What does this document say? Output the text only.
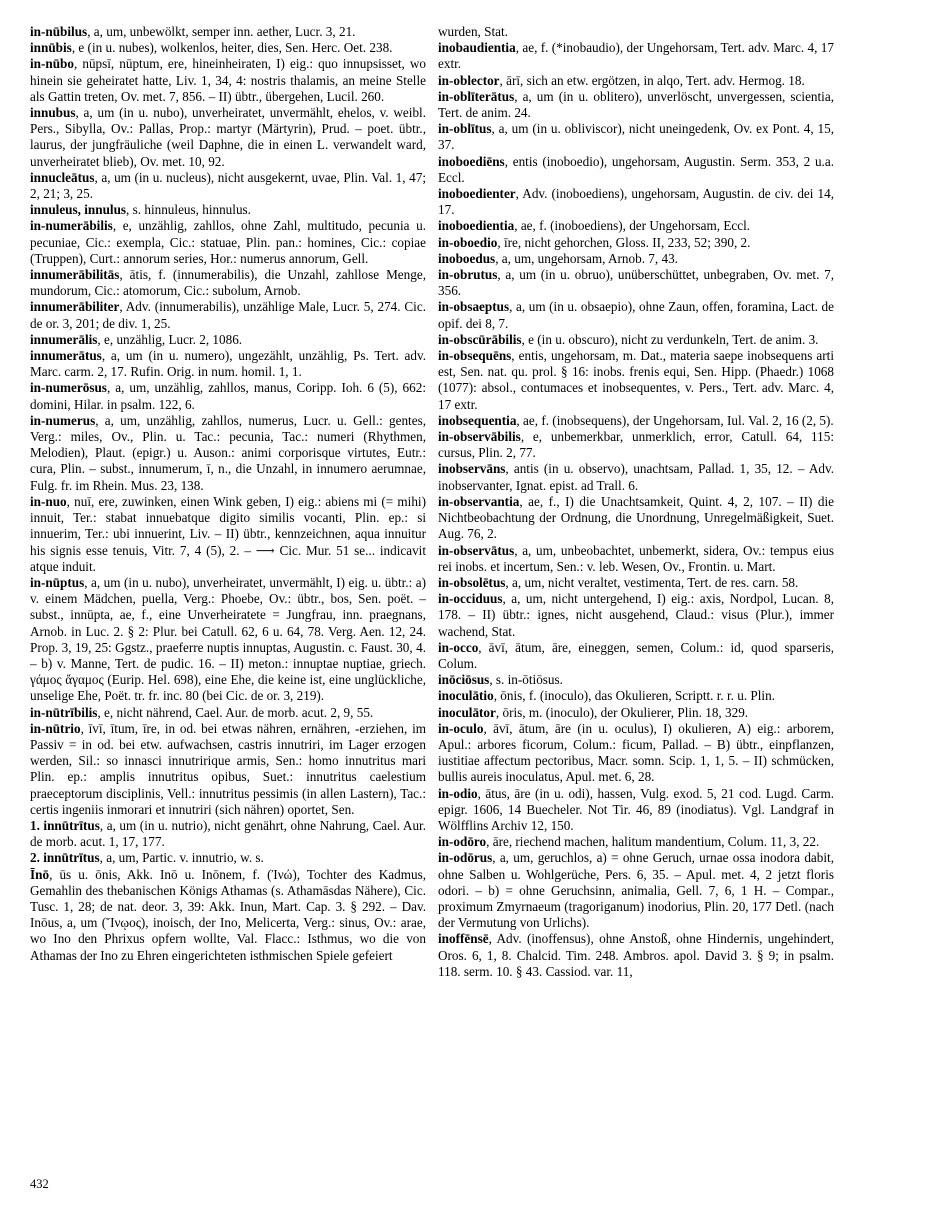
in-nūbilus, a, um, unbewölkt, semper inn. aether, Lucr. 3, 21.

innūbis, e (in u. nubes), wolkenlos, heiter, dies, Sen. Herc. Oet. 238.

in-nūbo, nūpsī, nūptum, ere, hineinheiraten, I) eig.: quo innupsisset, wo hinein sie geheiratet hatte, Liv. 1, 34, 4: nostris thalamis, an meine Stelle als Gattin treten, Ov. met. 7, 856. – II) übtr., übergehen, Lucil. 260.

innubus, a, um (in u. nubo), unverheiratet, unvermählt, ehelos, v. weibl. Pers., Sibylla, Ov.: Pallas, Prop.: martyr (Märtyrin), Prud. – poet. übtr., laurus, der jungfräuliche (weil Daphne, die in einen L. verwandelt ward, unverheiratet blieb), Ov. met. 10, 92.

innucleātus, a, um (in u. nucleus), nicht ausgekernt, uvae, Plin. Val. 1, 47; 2, 21; 3, 25.

innuleus, innulus, s. hinnuleus, hinnulus.

in-numerābilis, e, unzählig, zahllos, ohne Zahl, multitudo, pecunia u. pecuniae, Cic.: exempla, Cic.: statuae, Plin. pan.: homines, Cic.: copiae (Truppen), Curt.: annorum series, Hor.: numerus annorum, Gell.

innumerābilitās, ātis, f. (innumerabilis), die Unzahl, zahllose Menge, mundorum, Cic.: atomorum, Cic.: subolum, Arnob.

innumerābiliter, Adv. (innumerabilis), unzählige Male, Lucr. 5, 274. Cic. de or. 3, 201; de div. 1, 25.

innumerālis, e, unzählig, Lucr. 2, 1086.

innumerātus, a, um (in u. numero), ungezählt, unzählig, Ps. Tert. adv. Marc. carm. 2, 17. Rufin. Orig. in num. homil. 1, 1.

in-numerōsus, a, um, unzählig, zahllos, manus, Coripp. Ioh. 6 (5), 662: domini, Hilar. in psalm. 122, 6.

in-numerus, a, um, unzählig, zahllos, numerus, Lucr. u. Gell.: gentes, Verg.: miles, Ov., Plin. u. Tac.: pecunia, Tac.: numeri (Rhythmen, Melodien), Plaut. (epigr.) u. Auson.: animi corporisque virtutes, Eutr.: cura, Plin. – subst., innumerum, ī, n., die Unzahl, in innumero aerumnae, Fulg. fr. im Rhein. Mus. 23, 138.

in-nuo, nuī, ere, zuwinken, einen Wink geben, I) eig.: abiens mi (= mihi) innuit, Ter.: stabat innuebatque digito similis vocanti, Plin. ep.: si innuerim, Ter.: ubi innuerint, Liv. – II) übtr., kennzeichnen, aqua innuitur his signis esse tenuis, Vitr. 7, 4 (5), 2. – ⟶ Cic. Mur. 51 se... indicavit atque induit.

in-nūptus, a, um (in u. nubo), unverheiratet, unvermählt, I) eig. u. übtr.: a) v. einem Mädchen, puella, Verg.: Phoebe, Ov.: übtr., bos, Sen. poët. – subst., innūpta, ae, f., eine Unverheiratete = Jungfrau, inn. praegnans, Arnob. in Luc. 2. § 2: Plur. bei Catull. 62, 6 u. 64, 78. Verg. Aen. 12, 24. Prop. 3, 19, 25: Ggstz., praeferre nuptis innuptas, Augustin. c. Faust. 30, 4. – b) v. Manne, Tert. de pudic. 16. – II) meton.: innuptae nuptiae, griech. γάμος ἄγαμος (Eurip. Hel. 698), eine Ehe, die keine ist, eine unglückliche, unselige Ehe, Poët. tr. fr. inc. 80 (bei Cic. de or. 3, 219).

in-nūtrībilis, e, nicht nährend, Cael. Aur. de morb. acut. 2, 9, 55.

in-nūtrio, īvī, ītum, īre, in od. bei etwas nähren, ernähren, -erziehen, im Passiv = in od. bei etw. aufwachsen, castris innutriri, im Lager erzogen werden, Sil.: so innasci innutririque armis, Sen.: homo innutritus mari Plin. ep.: amplis innutritus opibus, Suet.: innutritus caelestium praeceptorum disciplinis, Vell.: innutritus pessimis (in allen Lastern), Tac.: certis ingeniis inmorari et innutriri (sich nähren) oportet, Sen.

1. innūtrītus, a, um (in u. nutrio), nicht genährt, ohne Nahrung, Cael. Aur. de morb. acut. 1, 17, 177.

2. innūtrītus, a, um, Partic. v. innutrio, w. s.

Īnō, ūs u. ōnis, Akk. Inō u. Inōnem, f. (Ἰνώ), Tochter des Kadmus, Gemahlin des thebanischen Königs Athamas (s. Athamāsdas Nähere), Cic. Tusc. 1, 28; de nat. deor. 3, 39: Akk. Inun, Mart. Cap. 3. § 292. – Dav. Inōus, a, um (Ἴνῳος), inoisch, der Ino, Melicerta, Verg.: sinus, Ov.: arae, wo Ino den Phrixus opfern wollte, Val. Flacc.: Isthmus, wo die von Athamas der Ino zu Ehren eingerichteten isthmischen Spiele gefeiert

wurden, Stat.

inobaudientia, ae, f. (*inobaudio), der Ungehorsam, Tert. adv. Marc. 4, 17 extr.

in-oblector, ārī, sich an etw. ergötzen, in alqo, Tert. adv. Hermog. 18.

in-oblīterātus, a, um (in u. oblitero), unverlöscht, unvergessen, scientia, Tert. de anim. 24.

in-oblītus, a, um (in u. obliviscor), nicht uneingedenk, Ov. ex Pont. 4, 15, 37.

inoboediēns, entis (inoboedio), ungehorsam, Augustin. Serm. 353, 2 u.a. Eccl.

inoboedienter, Adv. (inoboediens), ungehorsam, Augustin. de civ. dei 14, 17.

inoboedientia, ae, f. (inoboediens), der Ungehorsam, Eccl.

in-oboedio, īre, nicht gehorchen, Gloss. II, 233, 52; 390, 2.

inoboedus, a, um, ungehorsam, Arnob. 7, 43.

in-obrutus, a, um (in u. obruo), unüberschüttet, unbegraben, Ov. met. 7, 356.

in-obsaeptus, a, um (in u. obsaepio), ohne Zaun, offen, foramina, Lact. de opif. dei 8, 7.

in-obscūrābilis, e (in u. obscuro), nicht zu verdunkeln, Tert. de anim. 3.

in-obsequēns, entis, ungehorsam, m. Dat., materia saepe inobsequens arti est, Sen. nat. qu. prol. § 16: inobs. frenis equi, Sen. Hipp. (Phaedr.) 1068 (1077): absol., contumaces et inobsequentes, v. Pers., Tert. adv. Marc. 4, 17 extr.

inobsequentia, ae, f. (inobsequens), der Ungehorsam, Iul. Val. 2, 16 (2, 5).

in-observābilis, e, unbemerkbar, unmerklich, error, Catull. 64, 115: cursus, Plin. 2, 77.

inobservāns, antis (in u. observo), unachtsam, Pallad. 1, 35, 12. – Adv. inobservanter, Ignat. epist. ad Trall. 6.

in-observantia, ae, f., I) die Unachtsamkeit, Quint. 4, 2, 107. – II) die Nichtbeobachtung der Ordnung, die Unordnung, Unregelmäßigkeit, Suet. Aug. 76, 2.

in-observātus, a, um, unbeobachtet, unbemerkt, sidera, Ov.: tempus eius rei inobs. et incertum, Sen.: v. leb. Wesen, Ov., Frontin. u. Mart.

in-obsolētus, a, um, nicht veraltet, vestimenta, Tert. de res. carn. 58.

in-occiduus, a, um, nicht untergehend, I) eig.: axis, Nordpol, Lucan. 8, 178. – II) übtr.: ignes, nicht ausgehend, Claud.: visus (Plur.), immer wachend, Stat.

in-occo, āvī, ātum, āre, eineggen, semen, Colum.: id, quod sparseris, Colum.

inōciōsus, s. in-ōtiōsus.

inoculātio, ōnis, f. (inoculo), das Okulieren, Scriptt. r. r. u. Plin.

inoculātor, ōris, m. (inoculo), der Okulierer, Plin. 18, 329.

in-oculo, āvī, ātum, āre (in u. oculus), I) okulieren, A) eig.: arborem, Apul.: arbores ficorum, Colum.: ficum, Pallad. – B) übtr., einpflanzen, iustitiae affectum pectoribus, Macr. somn. Scip. 1, 1, 5. – II) schmücken, bullis aureis inoculatus, Apul. met. 6, 28.

in-odio, ātus, āre (in u. odi), hassen, Vulg. exod. 5, 21 cod. Lugd. Carm. epigr. 1606, 14 Buecheler. Not Tir. 46, 89 (inodiatus). Vgl. Landgraf in Wölfflins Archiv 12, 150.

in-odōro, āre, riechend machen, halitum mandentium, Colum. 11, 3, 22.

in-odōrus, a, um, geruchlos, a) = ohne Geruch, urnae ossa inodora dabit, ohne Salben u. Wohlgerüche, Pers. 6, 35. – Apul. met. 4, 2 jetzt floris odori. – b) = ohne Geruchsinn, animalia, Gell. 7, 6, 1 H. – Compar., proximum Zmyrnaeum (tragoriganum) inodorius, Plin. 20, 177 Detl. (nach der Vermutung von Urlichs).

inoffēnsē, Adv. (inoffensus), ohne Anstoß, ohne Hindernis, ungehindert, Oros. 6, 1, 8. Chalcid. Tim. 248. Ambros. apol. David 3. § 9; in psalm. 118. serm. 10. § 43. Cassiod. var. 11,

432
